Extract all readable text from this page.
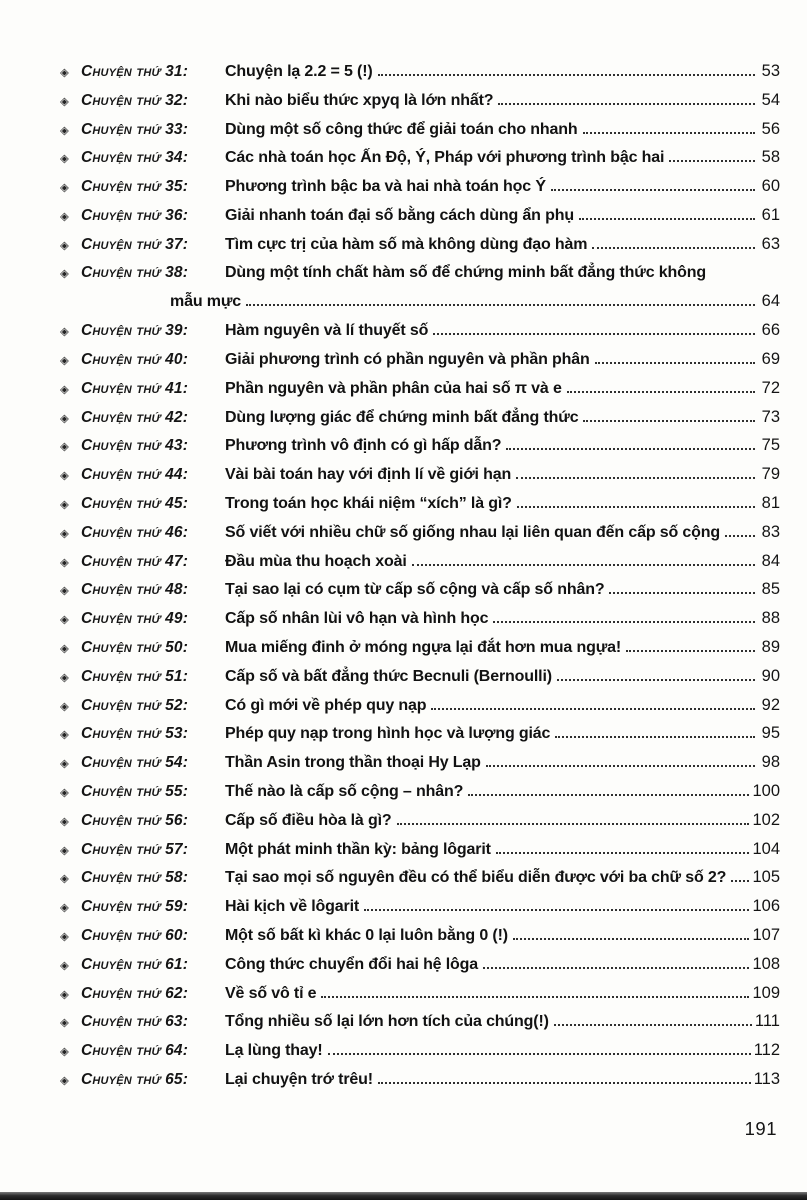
◈ Chuyện thứ 31:	Chuyện lạ 2.2 = 5 (!)	53
◈ Chuyện thứ 32:	Khi nào biểu thức xpyq là lớn nhất?	54
◈ Chuyện thứ 33:	Dùng một số công thức để giải toán cho nhanh	56
◈ Chuyện thứ 34:	Các nhà toán học Ấn Độ, Ý, Pháp với phương trình bậc hai	58
◈ Chuyện thứ 35:	Phương trình bậc ba và hai nhà toán học Ý	60
◈ Chuyện thứ 36:	Giải nhanh toán đại số bằng cách dùng ẩn phụ	61
◈ Chuyện thứ 37:	Tìm cực trị của hàm số mà không dùng đạo hàm	63
◈ Chuyện thứ 38:	Dùng một tính chất hàm số để chứng minh bất đẳng thức không
mẫu mực	64
◈ Chuyện thứ 39:	Hàm nguyên và lí thuyết số	66
◈ Chuyện thứ 40:	Giải phương trình có phần nguyên và phần phân	69
◈ Chuyện thứ 41:	Phần nguyên và phần phân của hai số π và e	72
◈ Chuyện thứ 42:	Dùng lượng giác để chứng minh bất đẳng thức	73
◈ Chuyện thứ 43:	Phương trình vô định có gì hấp dẫn?	75
◈ Chuyện thứ 44:	Vài bài toán hay với định lí về giới hạn	79
◈ Chuyện thứ 45:	Trong toán học khái niệm “xích” là gì?	81
◈ Chuyện thứ 46:	Số viết với nhiều chữ số giống nhau lại liên quan đến cấp số cộng	83
◈ Chuyện thứ 47:	Đầu mùa thu hoạch xoài	84
◈ Chuyện thứ 48:	Tại sao lại có cụm từ cấp số cộng và cấp số nhân?	85
◈ Chuyện thứ 49:	Cấp số nhân lùi vô hạn và hình học	88
◈ Chuyện thứ 50:	Mua miếng đinh ở móng ngựa lại đắt hơn mua ngựa!	89
◈ Chuyện thứ 51:	Cấp số và bất đẳng thức Becnuli (Bernoulli)	90
◈ Chuyện thứ 52:	Có gì mới về phép quy nạp	92
◈ Chuyện thứ 53:	Phép quy nạp trong hình học và lượng giác	95
◈ Chuyện thứ 54:	Thần Asin trong thần thoại Hy Lạp	98
◈ Chuyện thứ 55:	Thế nào là cấp số cộng – nhân?	100
◈ Chuyện thứ 56:	Cấp số điều hòa là gì?	102
◈ Chuyện thứ 57:	Một phát minh thần kỳ: bảng lôgarit	104
◈ Chuyện thứ 58:	Tại sao mọi số nguyên đều có thể biểu diễn được với ba chữ số 2? 105
◈ Chuyện thứ 59:	Hài kịch về lôgarit	106
◈ Chuyện thứ 60:	Một số bất kì khác 0 lại luôn bằng 0 (!)	107
◈ Chuyện thứ 61:	Công thức chuyển đổi hai hệ lôga	108
◈ Chuyện thứ 62:	Về số vô tỉ e	109
◈ Chuyện thứ 63:	Tổng nhiều số lại lớn hơn tích của chúng(!)	111
◈ Chuyện thứ 64:	Lạ lùng thay!	112
◈ Chuyện thứ 65:	Lại chuyện trớ trêu!	113
191
